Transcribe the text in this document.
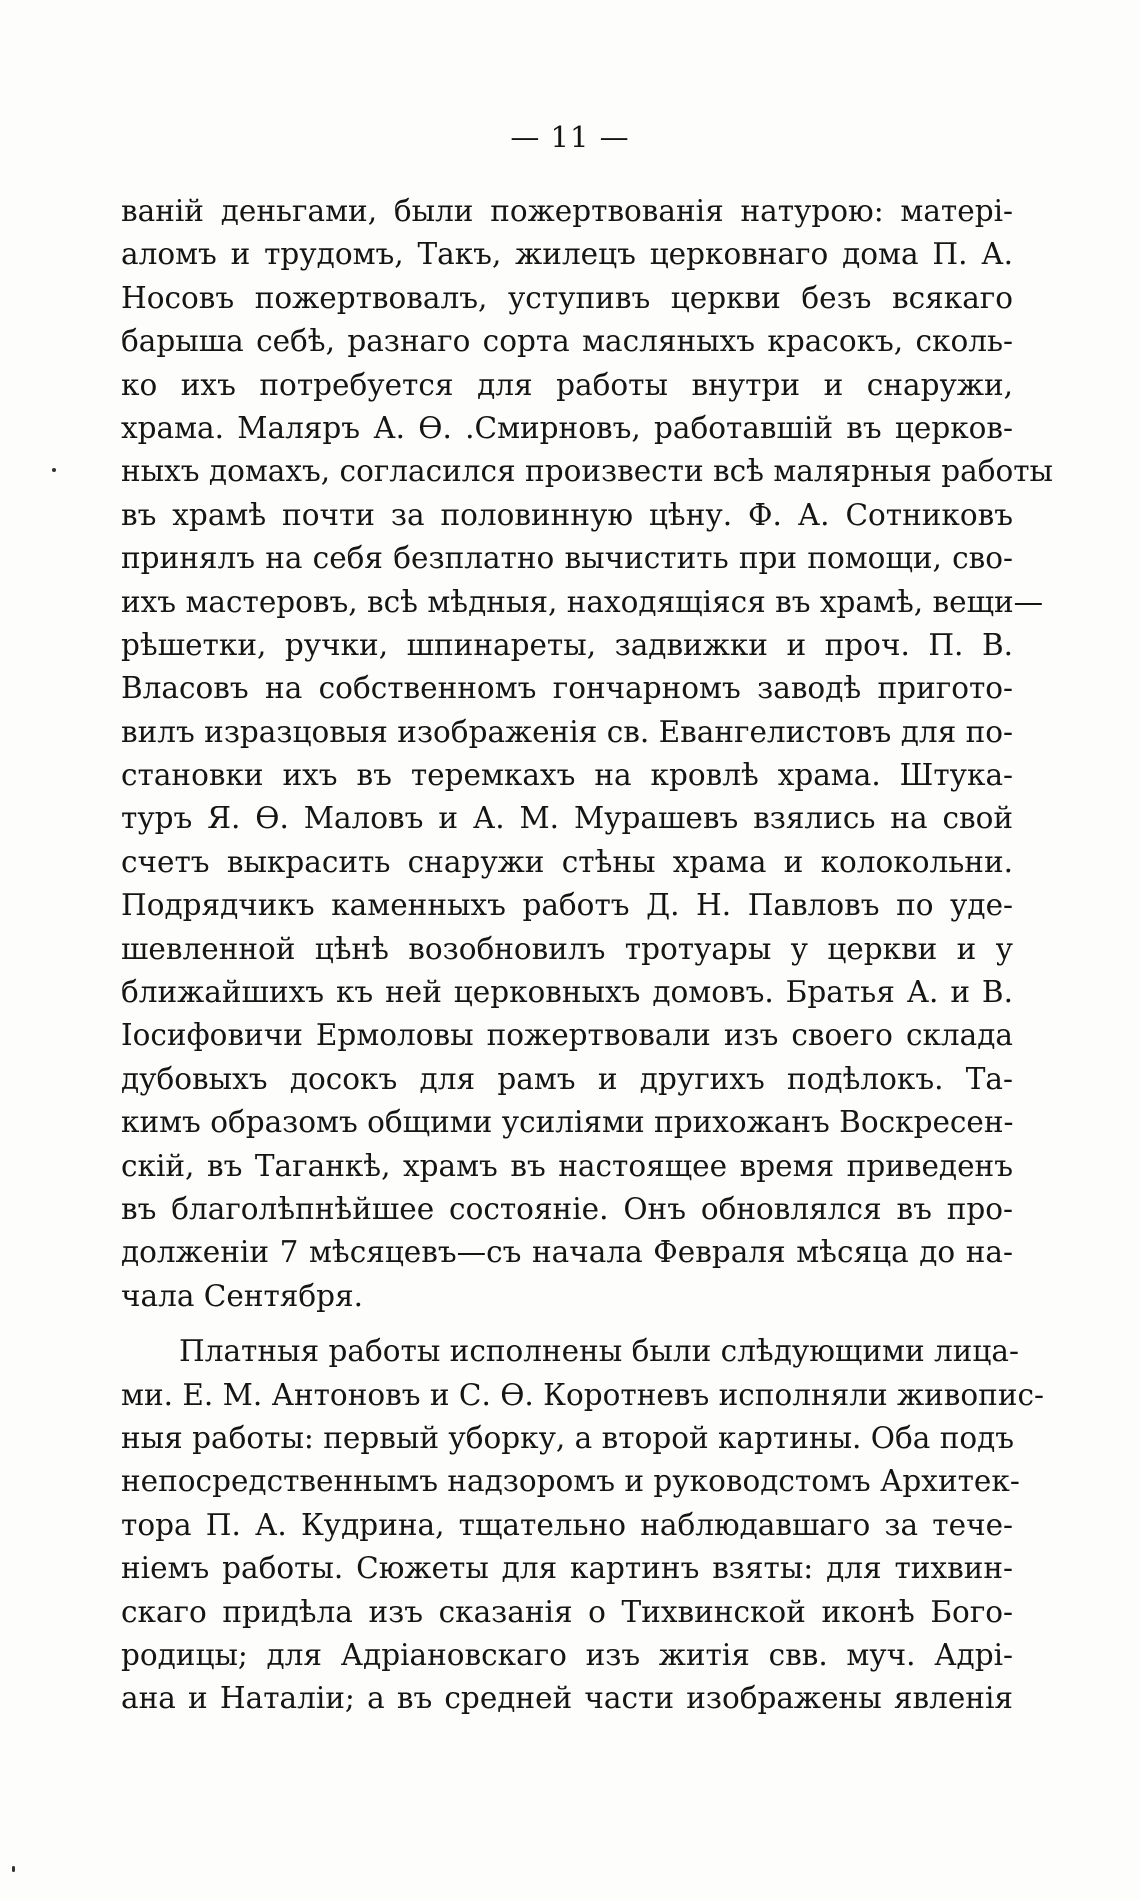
— 11 —
ваній деньгами, были пожертвованія натурою: матері-
аломъ и трудомъ, Такъ, жилецъ церковнаго дома П. А.
Носовъ пожертвовалъ, уступивъ церкви безъ всякаго
барыша себѣ, разнаго сорта масляныхъ красокъ, сколь-
ко ихъ потребуется для работы внутри и снаружи,
храма. Маляръ А. Ѳ. .Смирновъ, работавшій въ церков-
ныхъ домахъ, согласился произвести всѣ малярныя работы
въ храмѣ почти за половинную цѣну. Ф. А. Сотниковъ
принялъ на себя безплатно вычистить при помощи, сво-
ихъ мастеровъ, всѣ мѣдныя, находящіяся въ храмѣ, вещи—
рѣшетки, ручки, шпинареты, задвижки и проч. П. В.
Власовъ на собственномъ гончарномъ заводѣ пригото-
вилъ изразцовыя изображенія св. Евангелистовъ для по-
становки ихъ въ теремкахъ на кровлѣ храма. Штука-
туръ Я. Ѳ. Маловъ и А. М. Мурашевъ взялись на свой
счетъ выкрасить снаружи стѣны храма и колокольни.
Подрядчикъ каменныхъ работъ Д. Н. Павловъ по уде-
шевленной цѣнѣ возобновилъ тротуары у церкви и у
ближайшихъ къ ней церковныхъ домовъ. Братья А. и В.
Іосифовичи Ермоловы пожертвовали изъ своего склада
дубовыхъ досокъ для рамъ и другихъ подѣлокъ. Та-
кимъ образомъ общими усиліями прихожанъ Воскресен-
скій, въ Таганкѣ, храмъ въ настоящее время приведенъ
въ благолѣпнѣйшее состояніе. Онъ обновлялся въ про-
долженіи 7 мѣсяцевъ—съ начала Февраля мѣсяца до на-
чала Сентября.
Платныя работы исполнены были слѣдующими лица-
ми. Е. М. Антоновъ и С. Ѳ. Коротневъ исполняли живопис-
ныя работы: первый уборку, а второй картины. Оба подъ
непосредственнымъ надзоромъ и руководстомъ Архитек-
тора П. А. Кудрина, тщательно наблюдавшаго за тече-
ніемъ работы. Сюжеты для картинъ взяты: для тихвин-
скаго придѣла изъ сказанія о Тихвинской иконѣ Бого-
родицы; для Адріановскаго изъ житія свв. муч. Адрі-
ана и Наталіи; а въ средней части изображены явленія
